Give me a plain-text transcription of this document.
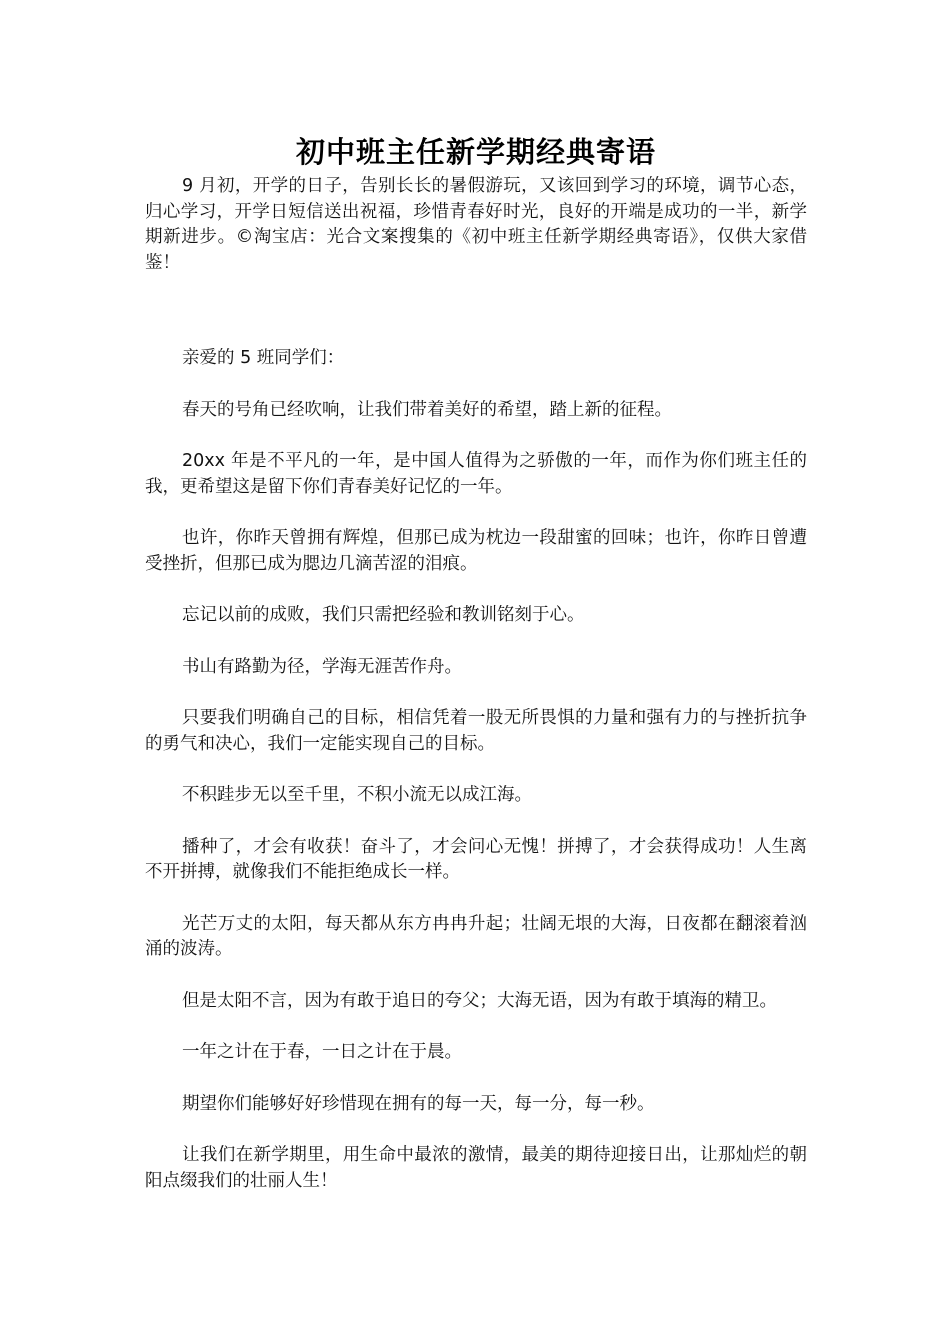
初中班主任新学期经典寄语

9 月初，开学的日子，告别长长的暑假游玩，又该回到学习的环境，调节心态，归心学习，开学日短信送出祝福，珍惜青春好时光，良好的开端是成功的一半，新学期新进步。©淘宝店：光合文案搜集的《初中班主任新学期经典寄语》，仅供大家借鉴！

亲爱的 5 班同学们：

春天的号角已经吹响，让我们带着美好的希望，踏上新的征程。

20xx 年是不平凡的一年，是中国人值得为之骄傲的一年，而作为你们班主任的我，更希望这是留下你们青春美好记忆的一年。

也许，你昨天曾拥有辉煌，但那已成为枕边一段甜蜜的回味；也许，你昨日曾遭受挫折，但那已成为腮边几滴苦涩的泪痕。

忘记以前的成败，我们只需把经验和教训铭刻于心。

书山有路勤为径，学海无涯苦作舟。

只要我们明确自己的目标，相信凭着一股无所畏惧的力量和强有力的与挫折抗争的勇气和决心，我们一定能实现自己的目标。

不积跬步无以至千里，不积小流无以成江海。

播种了，才会有收获！奋斗了，才会问心无愧！拼搏了，才会获得成功！人生离不开拼搏，就像我们不能拒绝成长一样。

光芒万丈的太阳，每天都从东方冉冉升起；壮阔无垠的大海，日夜都在翻滚着汹涌的波涛。

但是太阳不言，因为有敢于追日的夸父；大海无语，因为有敢于填海的精卫。

一年之计在于春，一日之计在于晨。

期望你们能够好好珍惜现在拥有的每一天，每一分，每一秒。

让我们在新学期里，用生命中最浓的激情，最美的期待迎接日出，让那灿烂的朝阳点缀我们的壮丽人生！
